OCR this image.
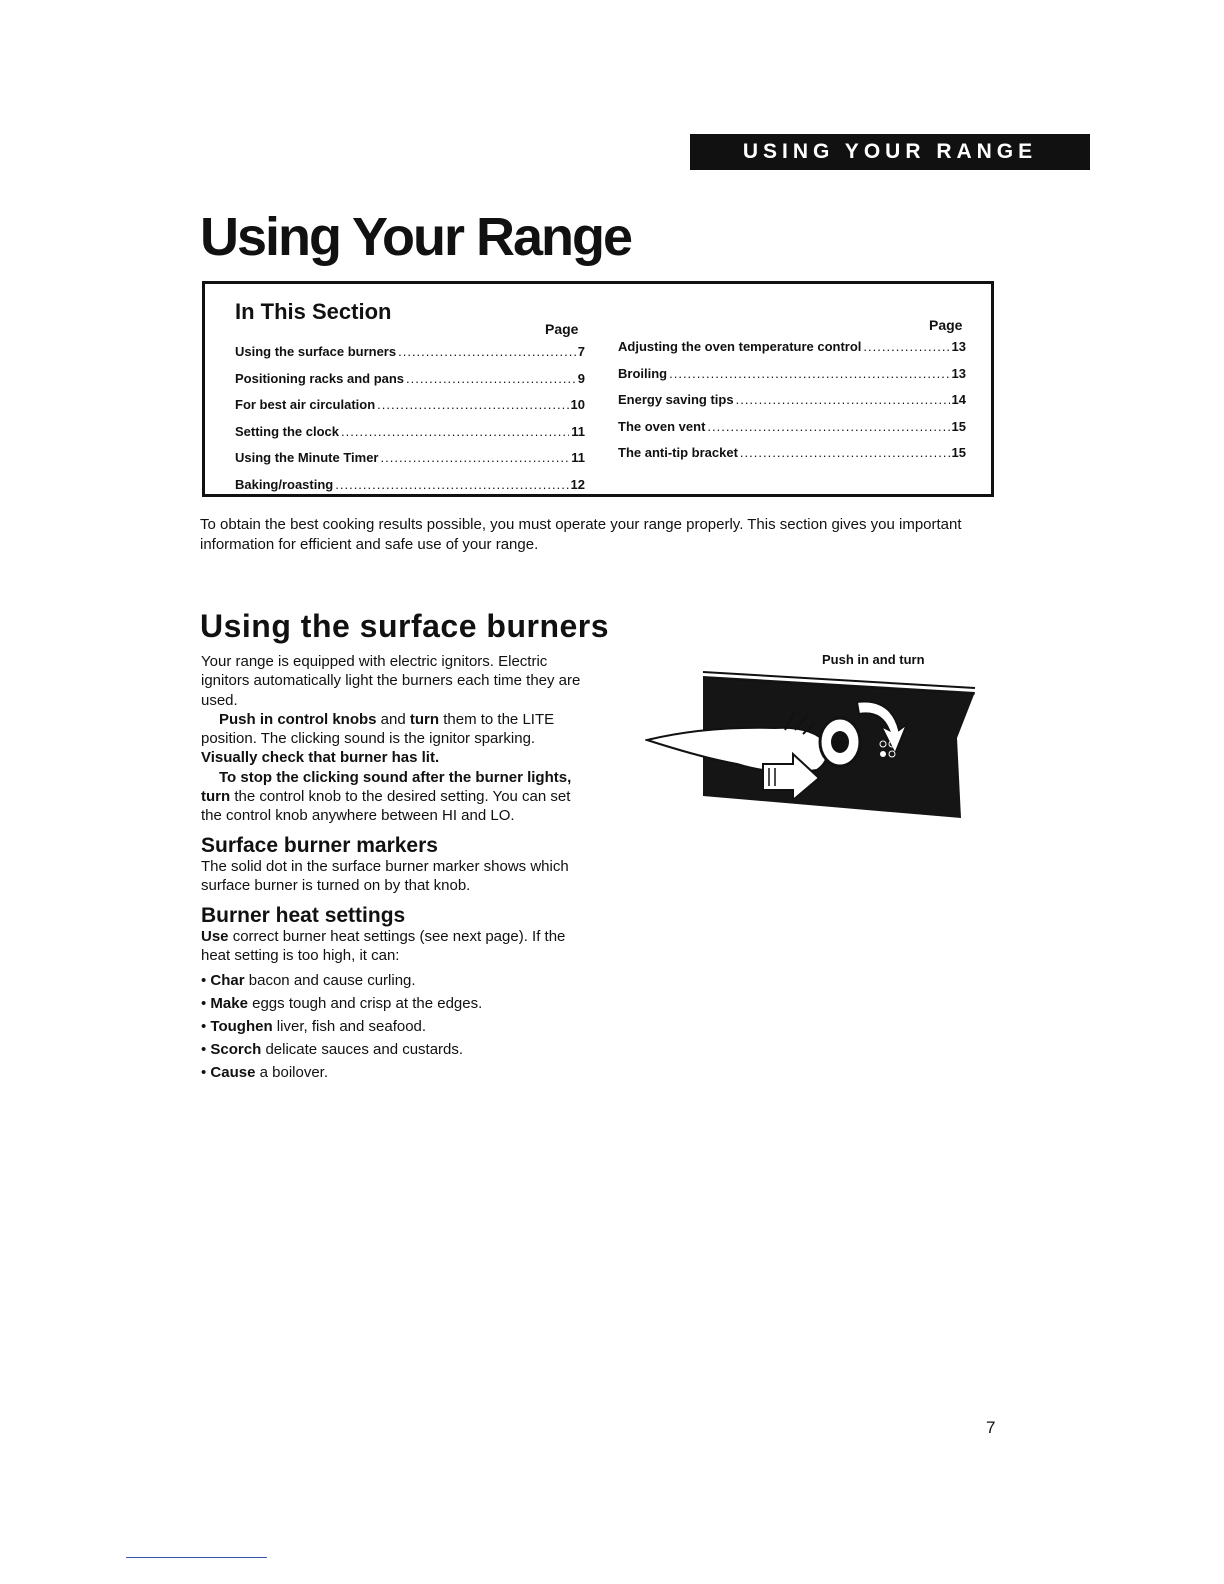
USING YOUR RANGE
Using Your Range
In This Section
Page	Page
Using the surface burners .....	7
Positioning racks and pans .....	9
For best air circulation .....	10
Setting the clock .....	11
Using the Minute Timer .....	11
Baking/roasting .....	12
Adjusting the oven temperature control .....	13
Broiling .....	13
Energy saving tips .....	14
The oven vent .....	15
The anti-tip bracket .....	15

To obtain the best cooking results possible, you must operate your range properly. This section gives you important information for efficient and safe use of your range.

Using the surface burners

Your range is equipped with electric ignitors. Electric ignitors automatically light the burners each time they are used.

Push in control knobs and turn them to the LITE position. The clicking sound is the ignitor sparking. Visually check that burner has lit.

To stop the clicking sound after the burner lights, turn the control knob to the desired setting. You can set the control knob anywhere between HI and LO.

Surface burner markers

The solid dot in the surface burner marker shows which surface burner is turned on by that knob.

Burner heat settings

Use correct burner heat settings (see next page). If the heat setting is too high, it can:

• Char bacon and cause curling.
• Make eggs tough and crisp at the edges.
• Toughen liver, fish and seafood.
• Scorch delicate sauces and custards.
• Cause a boilover.
Push in and turn
7
